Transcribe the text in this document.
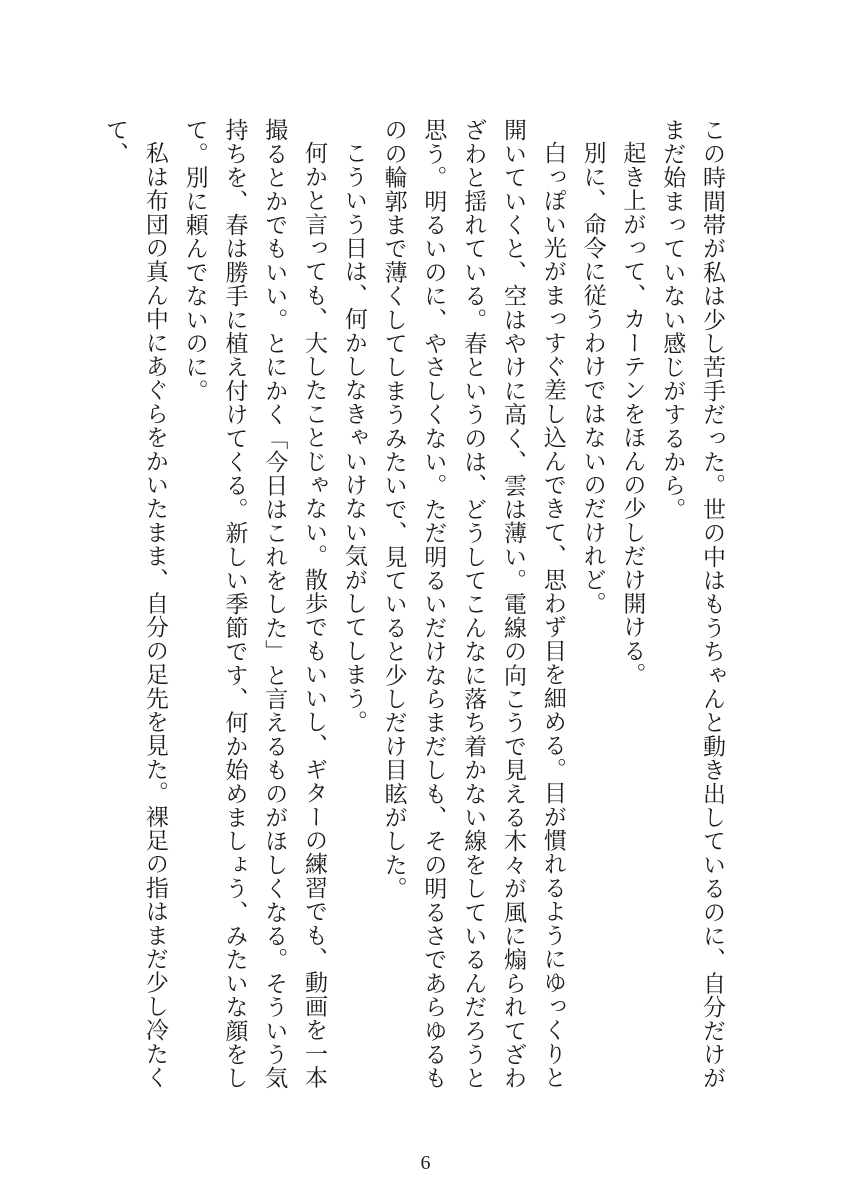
この時間帯が私は少し苦手だった。世の中はもうちゃんと動き出しているのに、自分だけがまだ始まっていない感じがするから。

起き上がって、カーテンをほんの少しだけ開ける。

別に、命令に従うわけではないのだけれど。

白っぽい光がまっすぐ差し込んできて、思わず目を細める。目が慣れるようにゆっくりと開いていくと、空はやけに高く、雲は薄い。電線の向こうで見える木々が風に煽られてざわざわと揺れている。春というのは、どうしてこんなに落ち着かない線をしているんだろうと思う。明るいのに、やさしくない。ただ明るいだけならまだしも、その明るさであらゆるものの輪郭まで薄くしてしまうみたいで、見ていると少しだけ目眩がした。

こういう日は、何かしなきゃいけない気がしてしまう。

何かと言っても、大したことじゃない。散歩でもいいし、ギターの練習でも、動画を一本撮るとかでもいい。とにかく「今日はこれをした」と言えるものがほしくなる。そういう気持ちを、春は勝手に植え付けてくる。新しい季節です、何か始めましょう、みたいな顔をして。別に頼んでないのに。

私は布団の真ん中にあぐらをかいたまま、自分の足先を見た。裸足の指はまだ少し冷たくて、

6
